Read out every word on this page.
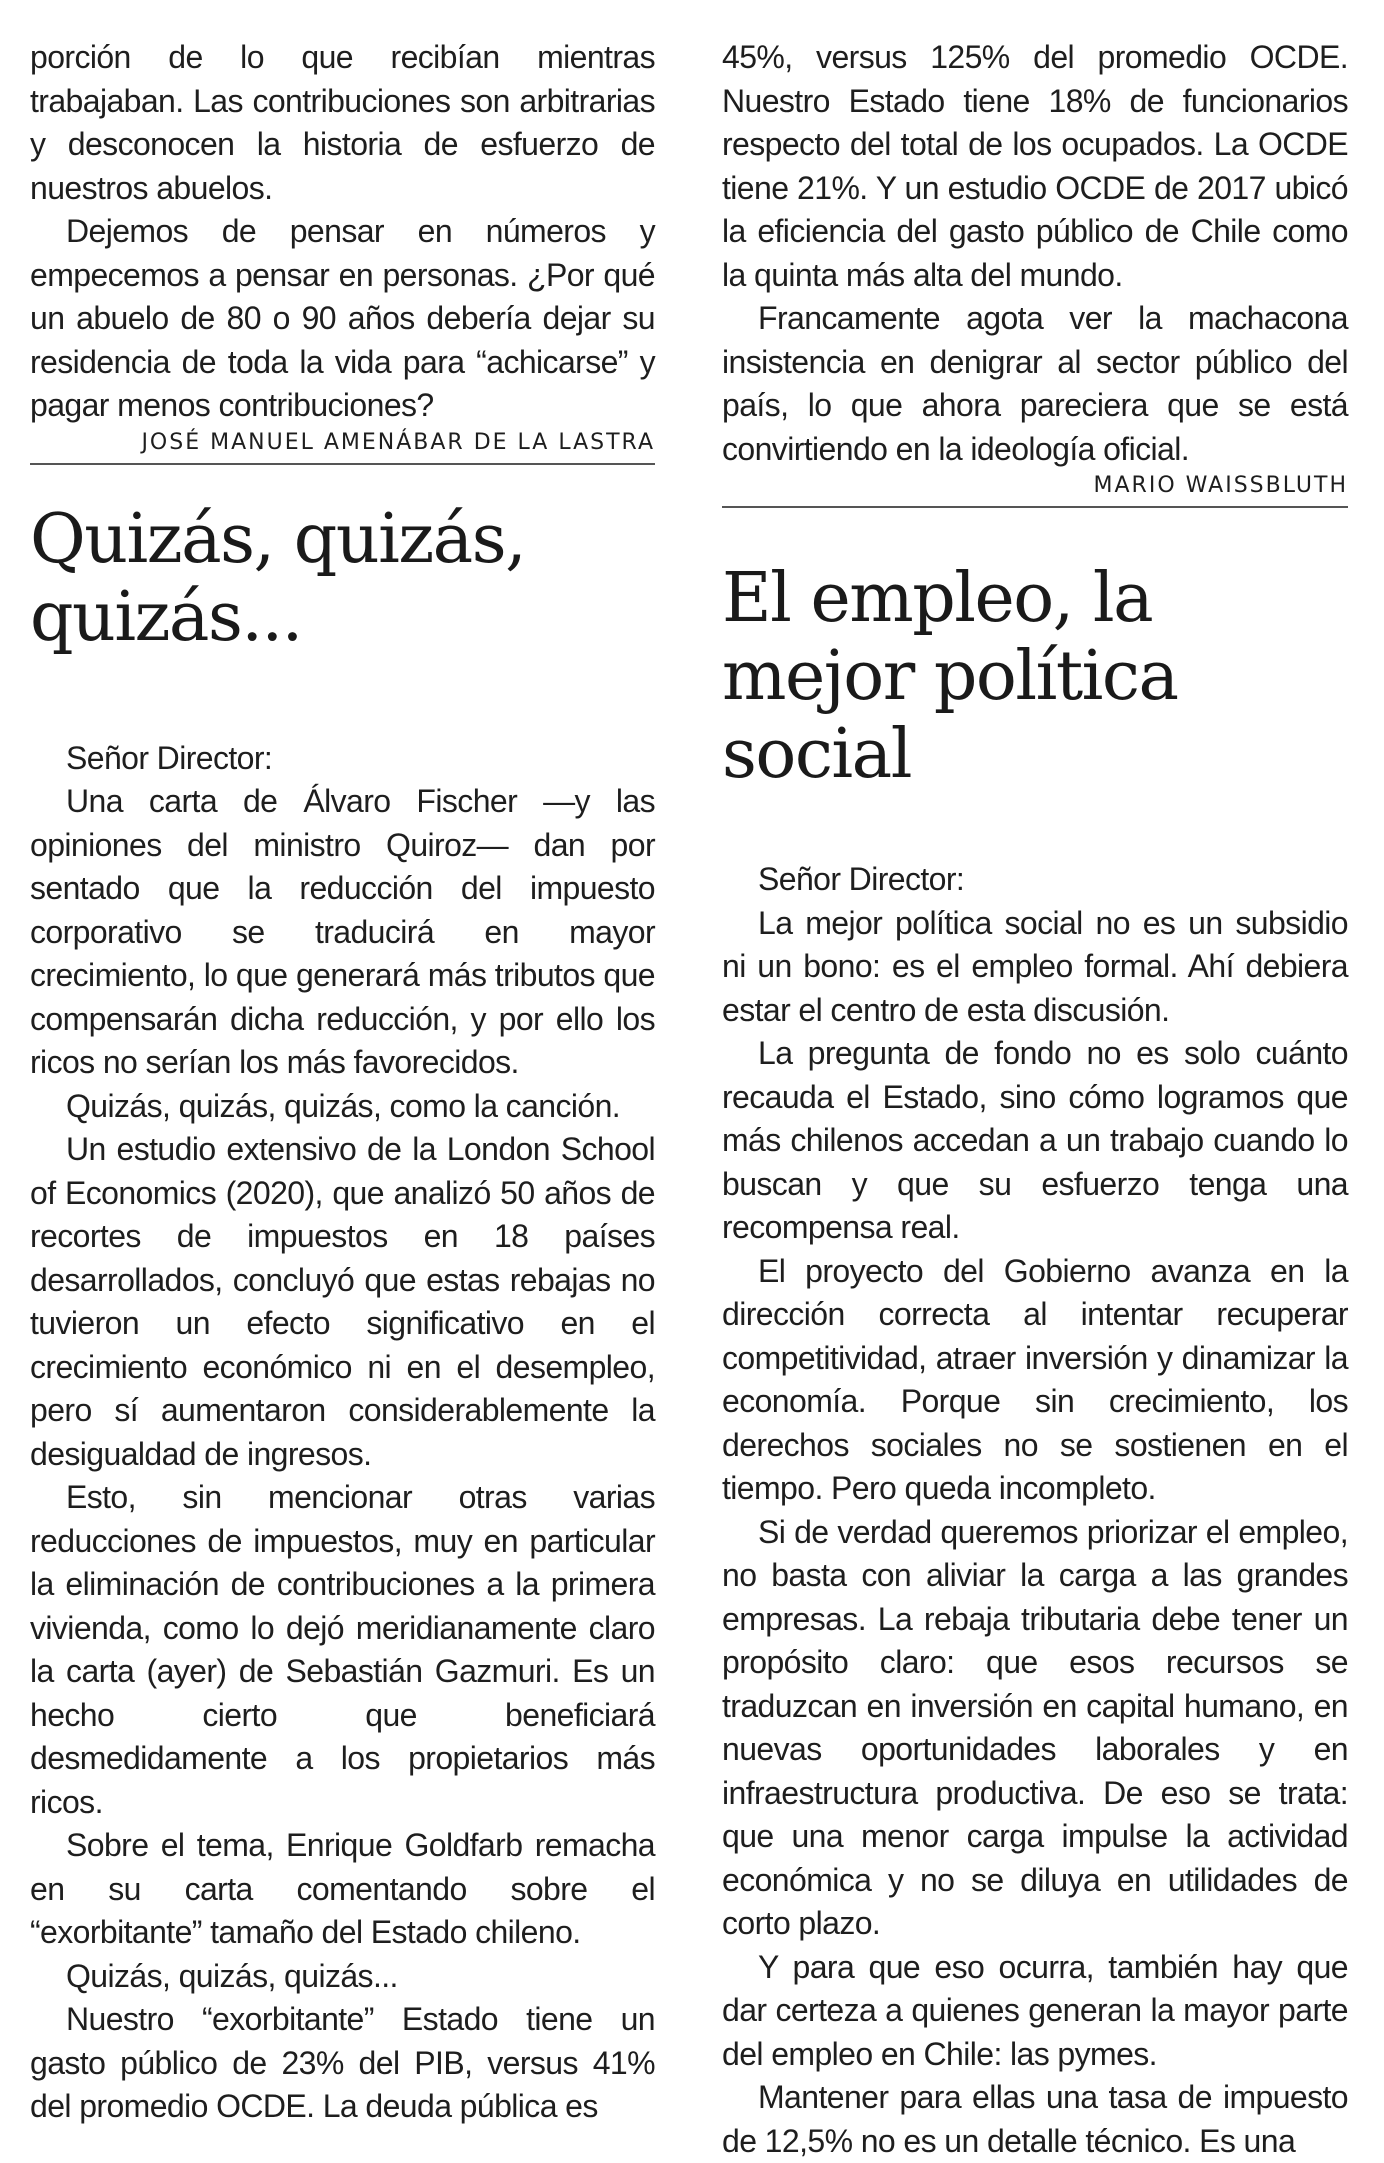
porción de lo que recibían mientras trabajaban. Las contribuciones son arbitrarias y desconocen la historia de esfuerzo de nuestros abuelos.

Dejemos de pensar en números y empecemos a pensar en personas. ¿Por qué un abuelo de 80 o 90 años debería dejar su residencia de toda la vida para “achicarse” y pagar menos contribuciones?

JOSÉ MANUEL AMENÁBAR DE LA LASTRA

Quizás, quizás, quizás...

Señor Director:

Una carta de Álvaro Fischer —y las opiniones del ministro Quiroz— dan por sentado que la reducción del impuesto corporativo se traducirá en mayor crecimiento, lo que generará más tributos que compensarán dicha reducción, y por ello los ricos no serían los más favorecidos.

Quizás, quizás, quizás, como la canción.

Un estudio extensivo de la London School of Economics (2020), que analizó 50 años de recortes de impuestos en 18 países desarrollados, concluyó que estas rebajas no tuvieron un efecto significativo en el crecimiento económico ni en el desempleo, pero sí aumentaron considerablemente la desigualdad de ingresos.

Esto, sin mencionar otras varias reducciones de impuestos, muy en particular la eliminación de contribuciones a la primera vivienda, como lo dejó meridianamente claro la carta (ayer) de Sebastián Gazmuri. Es un hecho cierto que beneficiará desmedidamente a los propietarios más ricos.

Sobre el tema, Enrique Goldfarb remacha en su carta comentando sobre el “exorbitante” tamaño del Estado chileno.

Quizás, quizás, quizás...

Nuestro “exorbitante” Estado tiene un gasto público de 23% del PIB, versus 41% del promedio OCDE. La deuda pública es

45%, versus 125% del promedio OCDE. Nuestro Estado tiene 18% de funcionarios respecto del total de los ocupados. La OCDE tiene 21%. Y un estudio OCDE de 2017 ubicó la eficiencia del gasto público de Chile como la quinta más alta del mundo.

Francamente agota ver la machacona insistencia en denigrar al sector público del país, lo que ahora pareciera que se está convirtiendo en la ideología oficial.

MARIO WAISSBLUTH

El empleo, la mejor política social

Señor Director:

La mejor política social no es un subsidio ni un bono: es el empleo formal. Ahí debiera estar el centro de esta discusión.

La pregunta de fondo no es solo cuánto recauda el Estado, sino cómo logramos que más chilenos accedan a un trabajo cuando lo buscan y que su esfuerzo tenga una recompensa real.

El proyecto del Gobierno avanza en la dirección correcta al intentar recuperar competitividad, atraer inversión y dinamizar la economía. Porque sin crecimiento, los derechos sociales no se sostienen en el tiempo. Pero queda incompleto.

Si de verdad queremos priorizar el empleo, no basta con aliviar la carga a las grandes empresas. La rebaja tributaria debe tener un propósito claro: que esos recursos se traduzcan en inversión en capital humano, en nuevas oportunidades laborales y en infraestructura productiva. De eso se trata: que una menor carga impulse la actividad económica y no se diluya en utilidades de corto plazo.

Y para que eso ocurra, también hay que dar certeza a quienes generan la mayor parte del empleo en Chile: las pymes.

Mantener para ellas una tasa de impuesto de 12,5% no es un detalle técnico. Es una
